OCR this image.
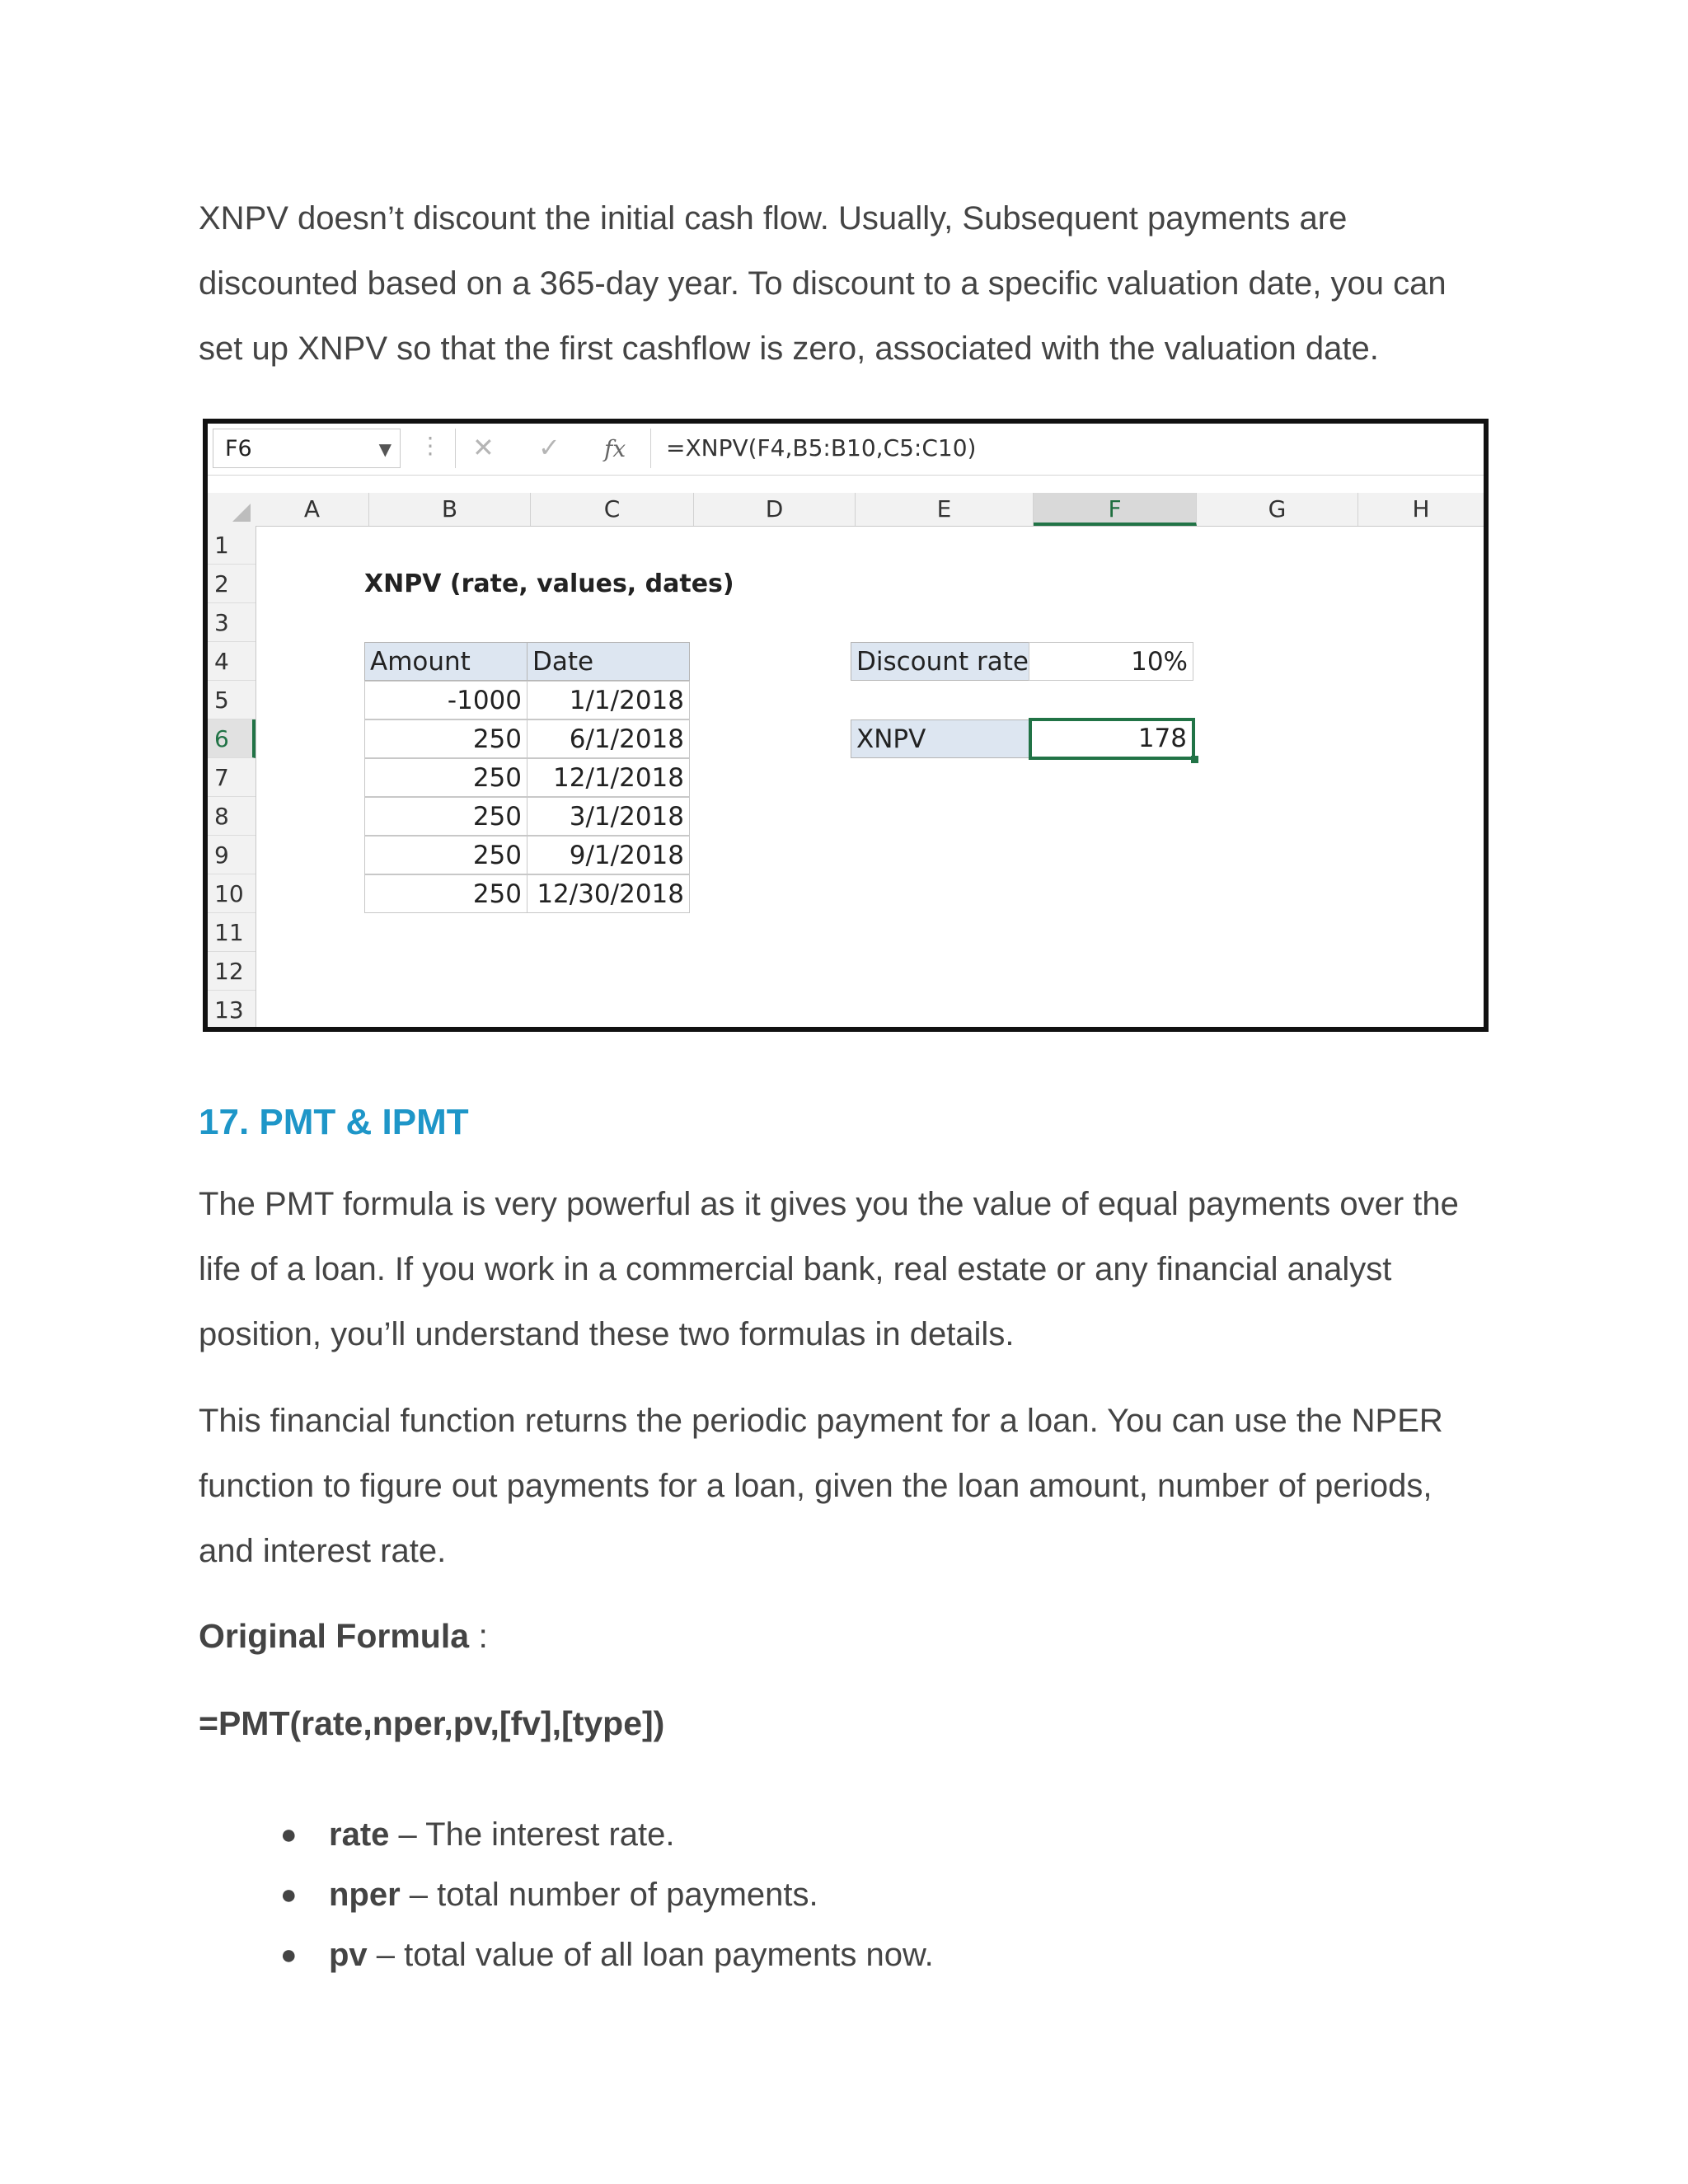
XNPV doesn’t discount the initial cash flow. Usually, Subsequent payments are
discounted based on a 365-day year. To discount to a specific valuation date, you can
set up XNPV so that the first cashflow is zero, associated with the valuation date.
F6	▼ ⋮ ✕ ✓ fx =XNPV(F4,B5:B10,C5:C10)
A	B	C	D	E	F	G	H
1
2
3
4
5
6
7
8
9
10
11
12
13
XNPV (rate, values, dates)
Amount	Date
-1000	1/1/2018
250	6/1/2018
250	12/1/2018
250	3/1/2018
250	9/1/2018
250 12/30/2018
Discount rate	10%
XNPV	178
17. PMT & IPMT
The PMT formula is very powerful as it gives you the value of equal payments over the
life of a loan. If you work in a commercial bank, real estate or any financial analyst
position, you’ll understand these two formulas in details.
This financial function returns the periodic payment for a loan. You can use the NPER
function to figure out payments for a loan, given the loan amount, number of periods,
and interest rate.

Original Formula :

=PMT(rate,nper,pv,[fv],[type])

● rate – The interest rate.
● nper – total number of payments.
● pv – total value of all loan payments now.
